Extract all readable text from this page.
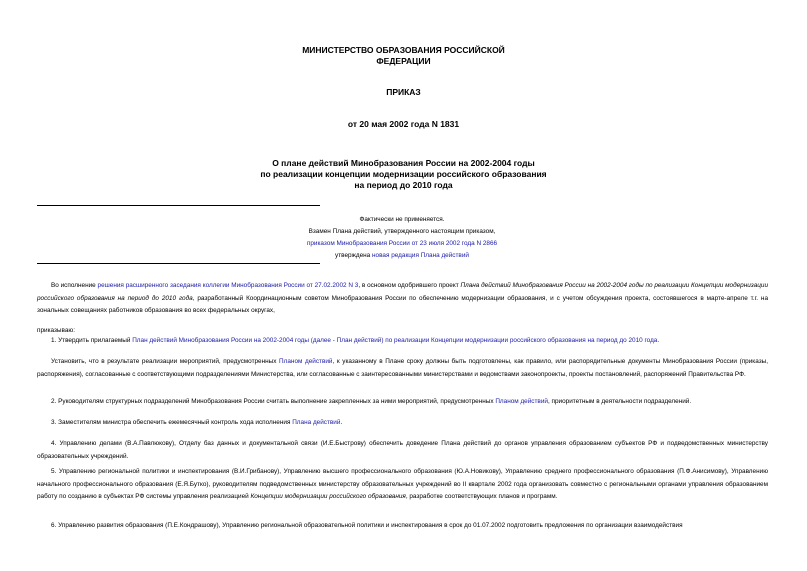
МИНИСТЕРСТВО ОБРАЗОВАНИЯ РОССИЙСКОЙ
ФЕДЕРАЦИИ
ПРИКАЗ
от 20 мая 2002 года N 1831
О плане действий Минобразования России на 2002-2004 годы
по реализации концепции модернизации российского образования
на период до 2010 года
Фактически не применяется.
Взамен Плана действий, утвержденного настоящим приказом,
приказом Минобразования России от 23 июля 2002 года N 2866
утверждена новая редакция Плана действий
Во исполнение решения расширенного заседания коллегии Минобразования России от 27.02.2002 N 3, в основном одобрившего проект Плана действий Минобразования России на 2002-2004 годы по реализации Концепции модернизации российского образования на период до 2010 года, разработанный Координационным советом Минобразования России по обеспечению модернизации образования, и с учетом обсуждения проекта, состоявшегося в марте-апреле т.г. на зональных совещаниях работников образования во всех федеральных округах,
приказываю:
1. Утвердить прилагаемый План действий Минобразования России на 2002-2004 годы (далее - План действий) по реализации Концепции модернизации российского образования на период до 2010 года.
Установить, что в результате реализации мероприятий, предусмотренных Планом действий, к указанному в Плане сроку должны быть подготовлены, как правило, или распорядительные документы Минобразования России (приказы, распоряжения), согласованные с соответствующими подразделениями Министерства, или согласованные с заинтересованными министерствами и ведомствами законопроекты, проекты постановлений, распоряжений Правительства РФ.
2. Руководителям структурных подразделений Минобразования России считать выполнение закрепленных за ними мероприятий, предусмотренных Планом действий, приоритетным в деятельности подразделений.
3. Заместителям министра обеспечить ежемесячный контроль хода исполнения Плана действий.
4. Управлению делами (В.А.Павлюкову), Отделу баз данных и документальной связи (И.Е.Быстрову) обеспечить доведение Плана действий до органов управления образованием субъектов РФ и подведомственных министерству образовательных учреждений.
5. Управлению региональной политики и инспектирования (В.И.Грибанову), Управлению высшего профессионального образования (Ю.А.Новикову), Управлению среднего профессионального образования (П.Ф.Анисимову), Управлению начального профессионального образования (Е.Я.Бутко), руководителям подведомственных министерству образовательных учреждений во II квартале 2002 года организовать совместно с региональными органами управления образованием работу по созданию в субъектах РФ системы управления реализацией Концепции модернизации российского образования, разработке соответствующих планов и программ.
6. Управлению развития образования (П.Е.Кондрашову), Управлению региональной образовательной политики и инспектирования в срок до 01.07.2002 подготовить предложения по организации взаимодействия
